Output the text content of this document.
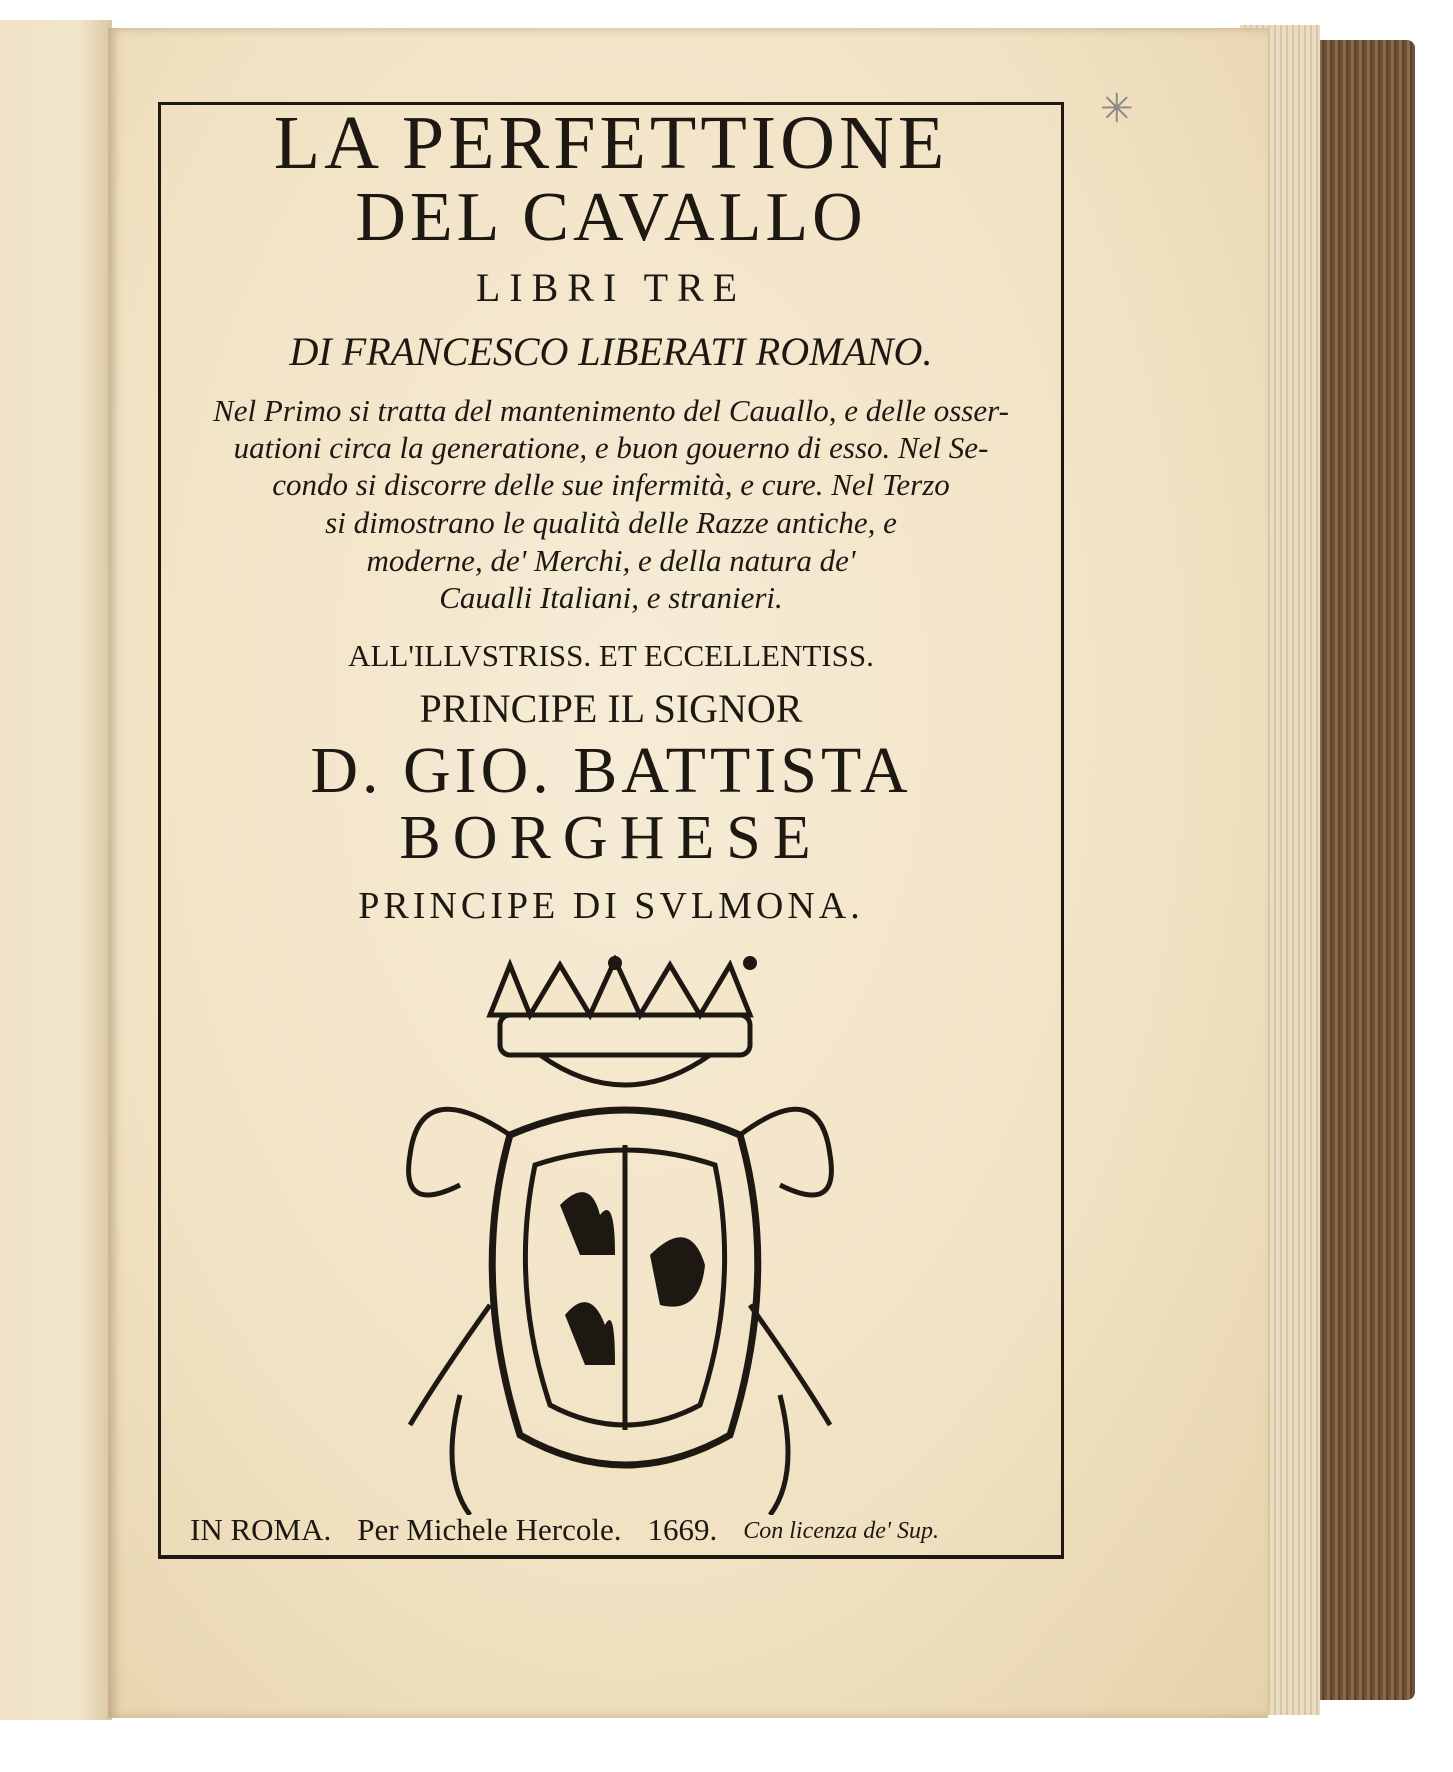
✳
LA PERFETTIONE
DEL CAVALLO
LIBRI TRE
DI FRANCESCO LIBERATI ROMANO.
Nel Primo si tratta del mantenimento del Cauallo, e delle osser-
uationi circa la generatione, e buon gouerno di esso. Nel Se-
condo si discorre delle sue infermità, e cure. Nel Terzo
si dimostrano le qualità delle Razze antiche, e
moderne, de' Merchi, e della natura de'
Caualli Italiani, e stranieri.
ALL'ILLVSTRISS. ET ECCELLENTISS.
PRINCIPE IL SIGNOR
D. GIO. BATTISTA
BORGHESE
PRINCIPE DI SVLMONA.
IN ROMA. Per Michele Hercole. 1669. Con licenza de' Sup.
